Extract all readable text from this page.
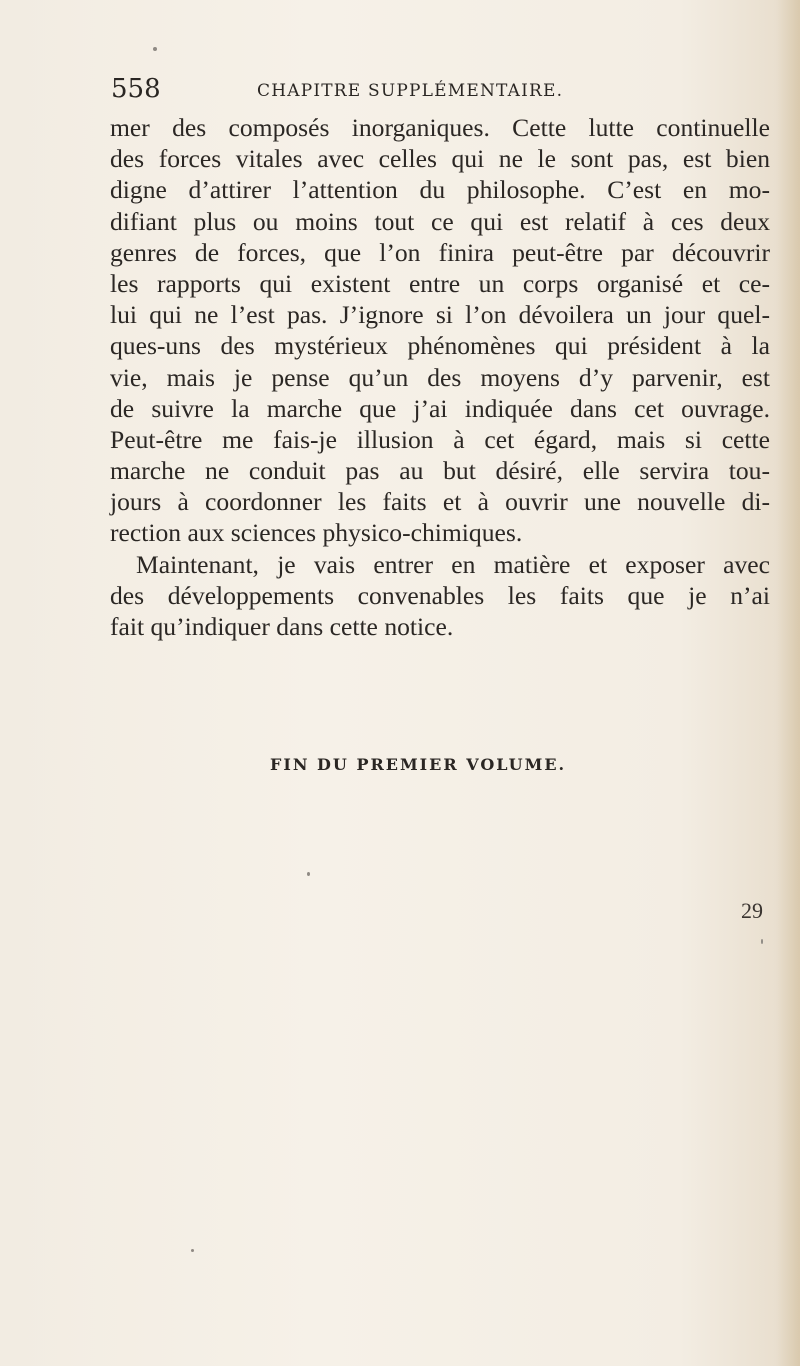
558	CHAPITRE SUPPLÉMENTAIRE.
mer des composés inorganiques. Cette lutte continuelle
des forces vitales avec celles qui ne le sont pas, est bien
digne d’attirer l’attention du philosophe. C’est en mo-
difiant plus ou moins tout ce qui est relatif à ces deux
genres de forces, que l’on finira peut-être par découvrir
les rapports qui existent entre un corps organisé et ce-
lui qui ne l’est pas. J’ignore si l’on dévoilera un jour quel-
ques-uns des mystérieux phénomènes qui président à la
vie, mais je pense qu’un des moyens d’y parvenir, est
de suivre la marche que j’ai indiquée dans cet ouvrage.
Peut-être me fais-je illusion à cet égard, mais si cette
marche ne conduit pas au but désiré, elle servira tou-
jours à coordonner les faits et à ouvrir une nouvelle di-
rection aux sciences physico-chimiques.
Maintenant, je vais entrer en matière et exposer avec
des développements convenables les faits que je n’ai
fait qu’indiquer dans cette notice.
FIN DU PREMIER VOLUME.
29
